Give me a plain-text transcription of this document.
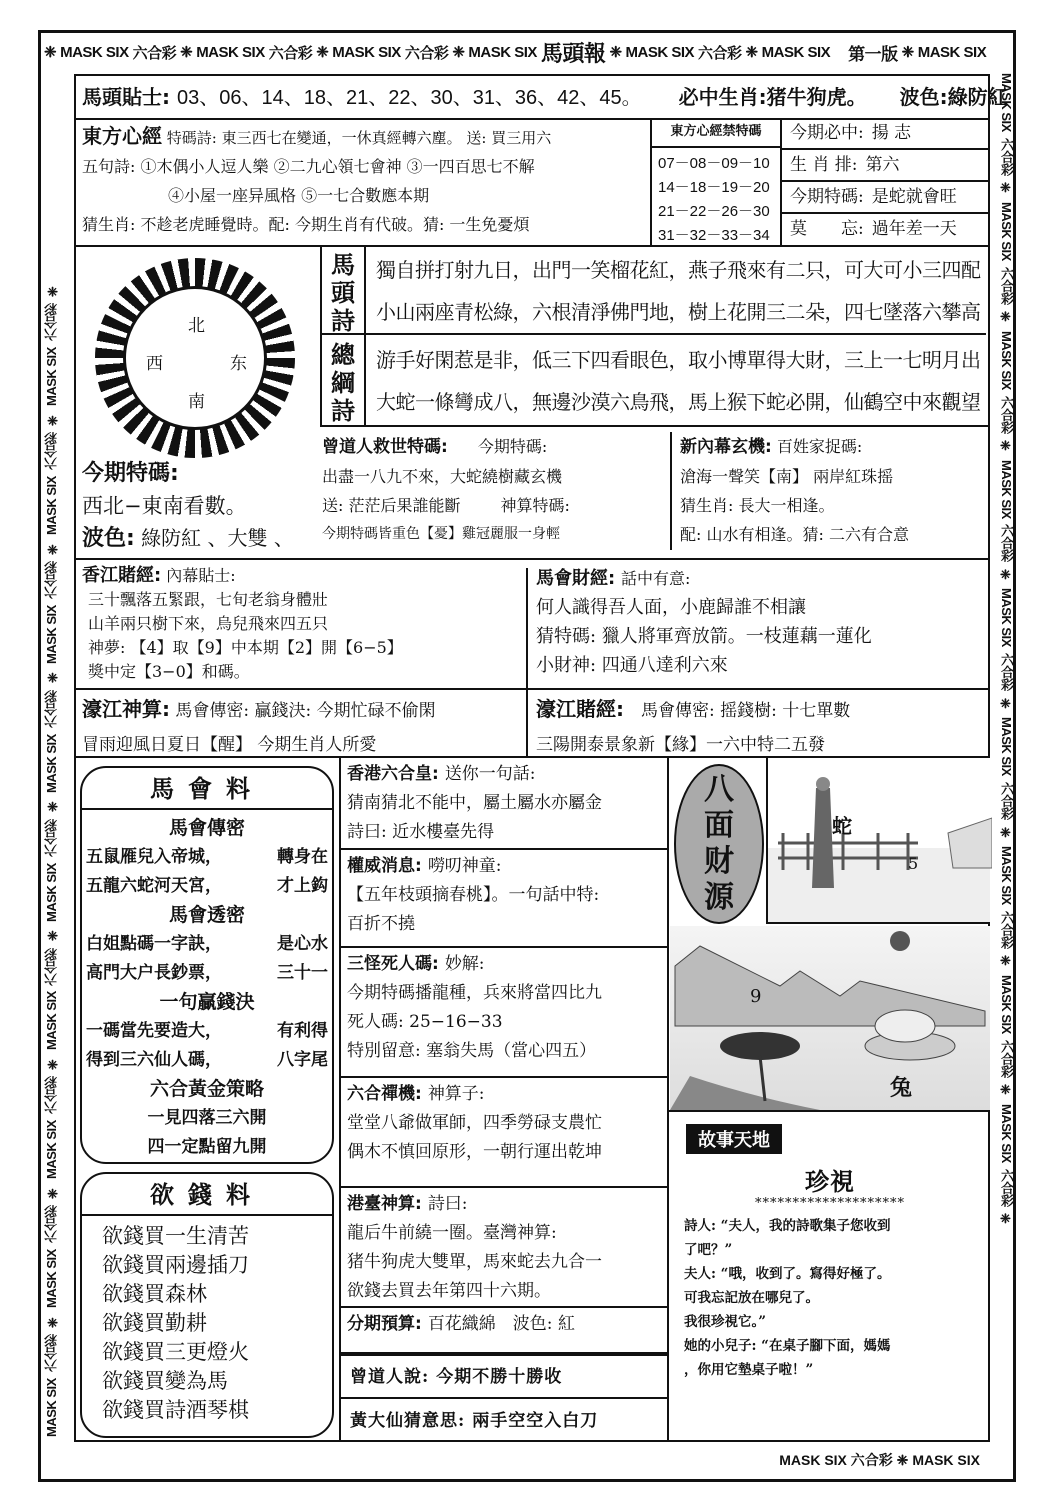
❈ MASK SIX 六合彩 ❈ MASK SIX 六合彩 ❈ MASK SIX 六合彩 ❈ MASK SIX 馬頭報 ❈ MASK SIX 六合彩 ❈ MASK SIX 第一版 ❈ MASK SIX
MASK SIX六合彩❈MASK SIX六合彩❈MASK SIX六合彩❈MASK SIX六合彩❈MASK SIX六合彩❈MASK SIX六合彩❈MASK SIX六合彩❈MASK SIX六合彩❈MASK SIX六合彩❈
MASK SIX六合彩❈MASK SIX六合彩❈MASK SIX六合彩❈MASK SIX六合彩❈MASK SIX六合彩❈MASK SIX六合彩❈MASK SIX六合彩❈MASK SIX六合彩❈MASK SIX六合彩❈
MASK SIX 六合彩 ❈ MASK SIX
馬頭貼士: 03、06、14、18、21、22、30、31、36、42、45。 必中生肖:猪牛狗虎。 波色:綠防紅
東方心經 特碼詩: 東三西七在變通，一休真經轉六塵。 送: 買三用六
五句詩: ①木偶小人逗人樂 ②二九心領七會神 ③一四百思七不解
④小屋一座异風格 ⑤一七合數應本期
猜生肖: 不趁老虎睡覺時。配: 今期生肖有代破。猜: 一生免憂煩
東方心經禁特碼
07－08－09－10
14－18－19－20
21－22－26－30
31－32－33－34
今期必中: 揚 志
生 肖 排: 第六
今期特碼: 是蛇就會旺
莫　　忘: 過年差一天
北
西	东
南
今期特碼:
西北−東南看數。
波色: 綠防紅 、大雙 、
馬
頭
詩
總
綱
詩
獨自拼打射九日，出門一笑榴花紅，燕子飛來有二只，可大可小三四配
小山兩座青松綠，六根清淨佛門地，樹上花開三二朵，四七墜落六攀高
游手好閑惹是非，低三下四看眼色，取小博單得大財，三上一七明月出
大蛇一條彎成八，無邊沙漠六鳥飛，馬上猴下蛇必開，仙鶴空中來觀望
曾道人救世特碼: 今期特碼:
出盡一八九不來，大蛇繞樹藏玄機
送: 茫茫后果誰能斷	神算特碼:
今期特碼皆重色【憂】雞冠麗服一身輕
新內幕玄機: 百姓家捉碼:
滄海一聲笑【南】 兩岸紅珠摇
猜生肖: 長大一相逢。
配: 山水有相逢。猜: 二六有合意
香江賭經: 內幕貼士:
三十飄落五緊跟，七旬老翁身體壯
山羊兩只樹下來，烏兒飛來四五只
神夢: 【4】取【9】中本期【2】開【6−5】
獎中定【3−0】和碼。
馬會財經: 話中有意:
何人識得吾人面，小鹿歸誰不相讓
猜特碼: 獵人將軍齊放箭。一枝蓮藕一蓮化
小財神: 四通八達利六來
濠江神算: 馬會傳密: 贏錢決: 今期忙碌不偷閑
冒雨迎風日夏日【醒】 今期生肖人所愛
濠江賭經:　 馬會傳密: 摇錢樹: 十七單數
三陽開泰景象新【緣】一六中特二五發
馬會料
馬會傳密
五鼠雁兒入帝城，	轉身在
五龍六蛇河天宮，	才上鈎
馬會透密
白姐點碼一字訣，	是心水
高門大户長鈔票，	三十一
一句贏錢決
一碼當先要造大，	有利得
得到三六仙人碼，	八字尾
六合黃金策略
一見四落三六開
四一定點留九開
欲錢料
欲錢買一生清苦
欲錢買兩邊插刀
欲錢買森林
欲錢買勤耕
欲錢買三更燈火
欲錢買變為馬
欲錢買詩酒琴棋
香港六合皇: 送你一句話:
猜南猜北不能中，屬土屬水亦屬金
詩曰: 近水樓臺先得
權威消息: 嘮叨神童:
【五年枝頭摘春桃】。一句話中特:
百折不撓
三怪死人碼: 妙解:
今期特碼播龍種，兵來將當四比九
死人碼: 25−16−33
特別留意: 塞翁失馬（當心四五）
六合禪機: 神算子:
堂堂八爺做軍師，四季勞碌支農忙
偶木不慎回原形，一朝行運出乾坤
港臺神算: 詩曰:
龍后牛前繞一圈。臺灣神算:
猪牛狗虎大雙單，馬來蛇去九合一
欲錢去買去年第四十六期。
分期預算: 百花織綿　波色: 紅
曾道人說: 今期不勝十勝收
黃大仙猜意思: 兩手空空入白刀
八
面
财
源
蛇
5
9
兔
故事天地
珍視
********************
詩人: “夫人，我的詩歌集子您收到
了吧？”
夫人: “哦，收到了。寫得好極了。
可我忘記放在哪兒了。
我很珍視它。”
她的小兒子: “在桌子腳下面，媽媽
，你用它墊桌子啦！”
